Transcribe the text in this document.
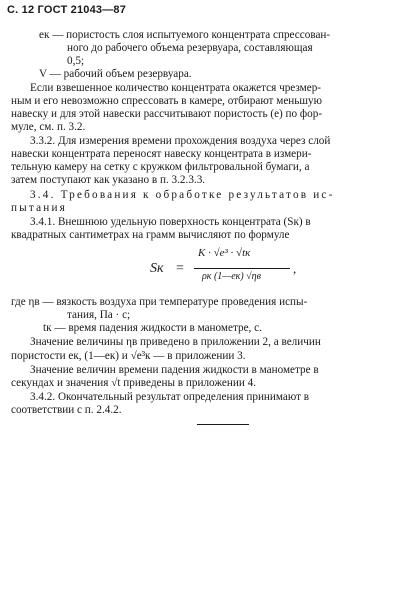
С. 12 ГОСТ 21043—87
eк — пористость слоя испытуемого концентрата спрессован-
ного до рабочего объема резервуара, составляющая
0,5;
V — рабочий объем резервуара.
Если взвешенное количество концентрата окажется чрезмер-
ным и его невозможно спрессовать в камере, отбирают меньшую
навеску и для этой навески рассчитывают пористость (e) по фор-
муле, см. п. 3.2.
3.3.2. Для измерения времени прохождения воздуха через слой
навески концентрата переносят навеску концентрата в измери-
тельную камеру на сетку с кружком фильтровальной бумаги, а
затем поступают как указано в п. 3.2.3.3.
3.4. Требования к обработке результатов ис-
пытания
3.4.1. Внешнюю удельную поверхность концентрата (Sк) в
квадратных сантиметрах на грамм вычисляют по формуле
Sк =
K · √e³ · √tк
ρк (1—eк) √ηв
,
где ηв — вязкость воздуха при температуре проведения испы-
тания, Па · с;
tк — время падения жидкости в манометре, с.
Значение величины ηв приведено в приложении 2, а величин
пористости eк, (1—eк) и √e³к — в приложении 3.
Значение величин времени падения жидкости в манометре в
секундах и значения √t приведены в приложении 4.
3.4.2. Окончательный результат определения принимают в
соответствии с п. 2.4.2.
